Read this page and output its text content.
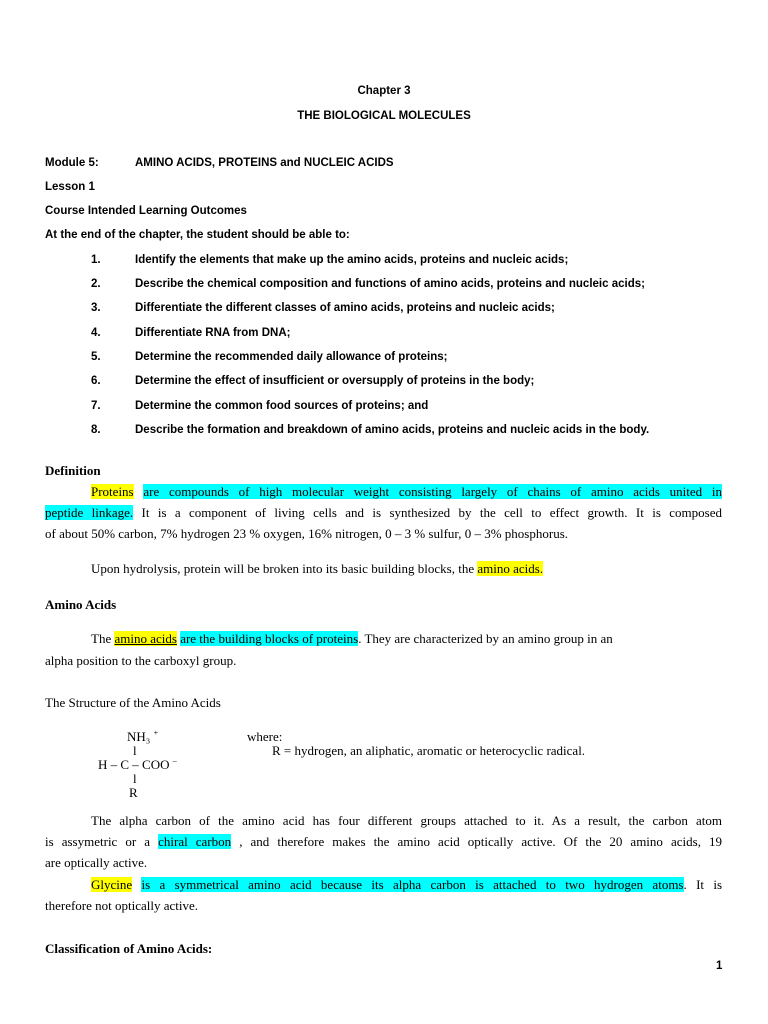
Chapter 3
THE BIOLOGICAL MOLECULES
Module 5:	AMINO ACIDS, PROTEINS and NUCLEIC ACIDS
Lesson 1
Course Intended Learning Outcomes
At the end of the chapter, the student should be able to:
1.	Identify the elements that make up the amino acids, proteins and nucleic acids;
2.	Describe the chemical composition and functions of amino acids, proteins and nucleic acids;
3.	Differentiate the different classes of amino acids, proteins and nucleic acids;
4.	Differentiate RNA from DNA;
5.	Determine the recommended daily allowance of proteins;
6.	Determine the effect of insufficient or oversupply of proteins in the body;
7.	Determine the common food sources of proteins; and
8.	Describe the formation and breakdown of amino acids, proteins and nucleic acids in the body.
Definition
Proteins are compounds of high molecular weight consisting largely of chains of amino acids united in
peptide linkage. It is a component of living cells and is synthesized by the cell to effect growth. It is composed
of about 50% carbon, 7% hydrogen 23 % oxygen, 16% nitrogen, 0 – 3 % sulfur, 0 – 3% phosphorus.
Upon hydrolysis, protein will be broken into its basic building blocks, the amino acids.
Amino Acids
The amino acids are the building blocks of proteins. They are characterized by an amino group in an
alpha position to the carboxyl group.
The Structure of the Amino Acids
NH₃ +
l
H – C – COO –
l
R
where:
R = hydrogen, an aliphatic, aromatic or heterocyclic radical.
The alpha carbon of the amino acid has four different groups attached to it. As a result, the carbon atom
is assymetric or a chiral carbon , and therefore makes the amino acid optically active. Of the 20 amino acids, 19
are optically active.
Glycine is a symmetrical amino acid because its alpha carbon is attached to two hydrogen atoms. It is
therefore not optically active.
Classification of Amino Acids:
1
